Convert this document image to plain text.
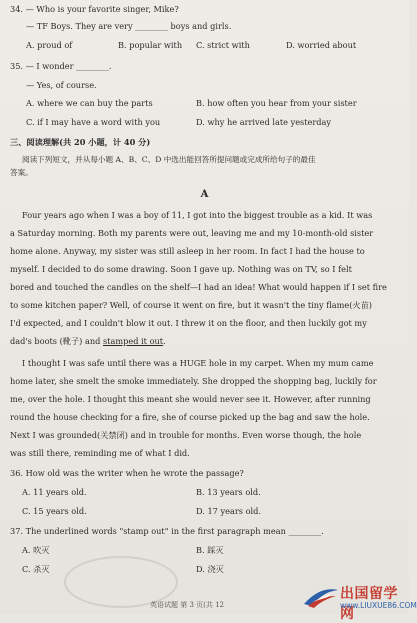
34. — Who is your favorite singer, Mike?
— TF Boys. They are very ________ boys and girls.
A. proud of	B. popular with C. strict with	D. worried about
35. — I wonder ________.
— Yes, of course.
A. where we can buy the parts	B. how often you hear from your sister
C. if I may have a word with you	D. why he arrived late yesterday
三、阅读理解(共 20 小题，计 40 分)
阅读下列短文，并从每小题 A、B、C、D 中选出能回答所提问题或完成所给句子的最佳
答案。
A
Four years ago when I was a boy of 11, I got into the biggest trouble as a kid. It was
a Saturday morning. Both my parents were out, leaving me and my 10-month-old sister
home alone. Anyway, my sister was still asleep in her room. In fact I had the house to
myself. I decided to do some drawing. Soon I gave up. Nothing was on TV, so I felt
bored and touched the candles on the shelf—I had an idea! What would happen if I set fire
to some kitchen paper? Well, of course it went on fire, but it wasn't the tiny flame(火苗)
I'd expected, and I couldn't blow it out. I threw it on the floor, and then luckily got my
dad's boots (靴子) and stamped it out.
I thought I was safe until there was a HUGE hole in my carpet. When my mum came
home later, she smelt the smoke immediately. She dropped the shopping bag, luckily for
me, over the hole. I thought this meant she would never see it. However, after running
round the house checking for a fire, she of course picked up the bag and saw the hole.
Next I was grounded(关禁闭) and in trouble for months. Even worse though, the hole
was still there, reminding me of what I did.
36. How old was the writer when he wrote the passage?
A. 11 years old.	B. 13 years old.
C. 15 years old.	D. 17 years old.
37. The underlined words "stamp out" in the first paragraph mean ________.
A. 吹灭	B. 踩灭
C. 杀灭	D. 浇灭
英语试题 第 3 页(共 12
出国留学网
www.LIUXUE86.COM
